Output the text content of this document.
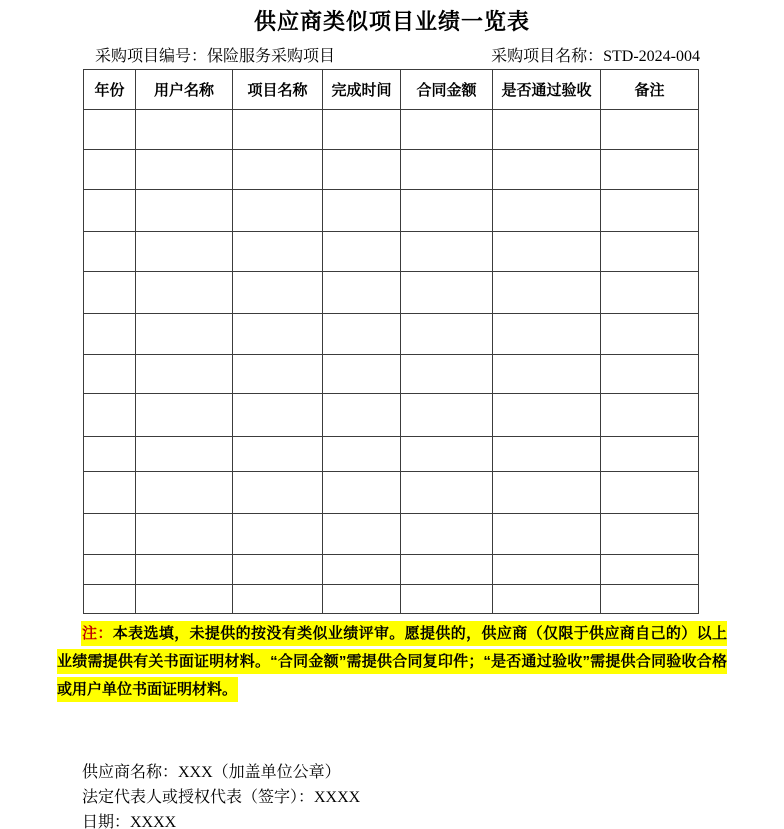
供应商类似项目业绩一览表
采购项目编号：保险服务采购项目	采购项目名称：STD-2024-004
年份	用户名称	项目名称	完成时间	合同金额	是否通过验收	备注

注：本表选填，未提供的按没有类似业绩评审。愿提供的，供应商（仅限于供应商自己的）以上业绩需提供有关书面证明材料。“合同金额”需提供合同复印件；“是否通过验收”需提供合同验收合格或用户单位书面证明材料。
供应商名称：XXX（加盖单位公章）
法定代表人或授权代表（签字）：XXXX
日期：XXXX
